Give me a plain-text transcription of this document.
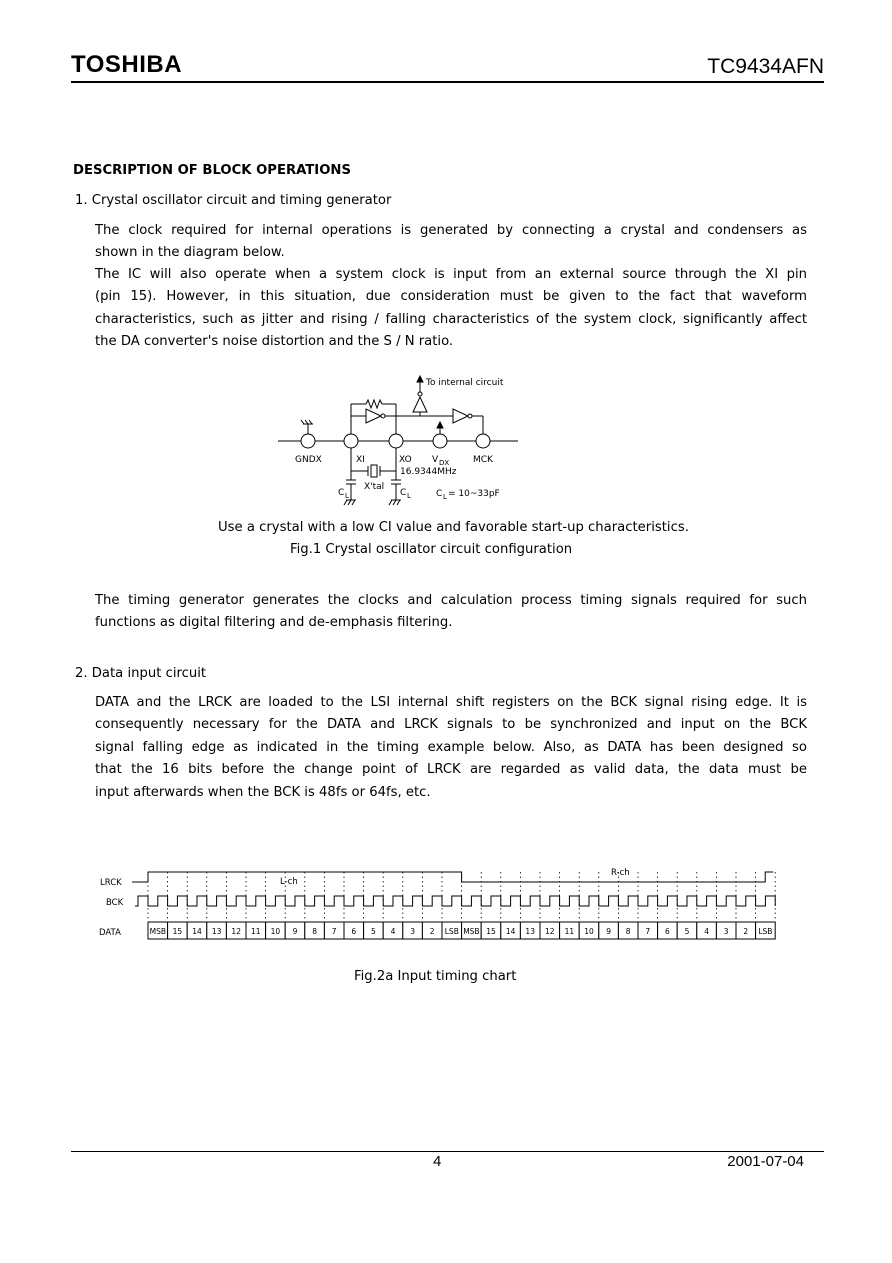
TOSHIBA	TC9434AFN
DESCRIPTION OF BLOCK OPERATIONS
1. Crystal oscillator circuit and timing generator
The clock required for internal operations is generated by connecting a crystal and condensers as
shown in the diagram below.
The IC will also operate when a system clock is input from an external source through the XI pin
(pin 15). However, in this situation, due consideration must be given to the fact that waveform
characteristics, such as jitter and rising / falling characteristics of the system clock, significantly affect
the DA converter's noise distortion and the S / N ratio.
To internal circuit
GNDX	XI	XO V DX	MCK
16.9344MHz
X'tal
C L	C L	C L = 10~33pF
Use a crystal with a low CI value and favorable start-up characteristics.
Fig.1 Crystal oscillator circuit configuration
The timing generator generates the clocks and calculation process timing signals required for such
functions as digital filtering and de-emphasis filtering.
2. Data input circuit
DATA and the LRCK are loaded to the LSI internal shift registers on the BCK signal rising edge. It is
consequently necessary for the DATA and LRCK signals to be synchronized and input on the BCK
signal falling edge as indicated in the timing example below. Also, as DATA has been designed so
that the 16 bits before the change point of LRCK are regarded as valid data, the data must be
input afterwards when the BCK is 48fs or 64fs, etc.
LRCK
BCK
DATA
L-ch
R-ch
MSB 15 14 13 12 11 10 9 8 7 6 5 4 3 2 LSB MSB 15 14 13 12 11 10 9 8 7 6 5 4 3 2 LSB
Fig.2a Input timing chart
4	2001-07-04
